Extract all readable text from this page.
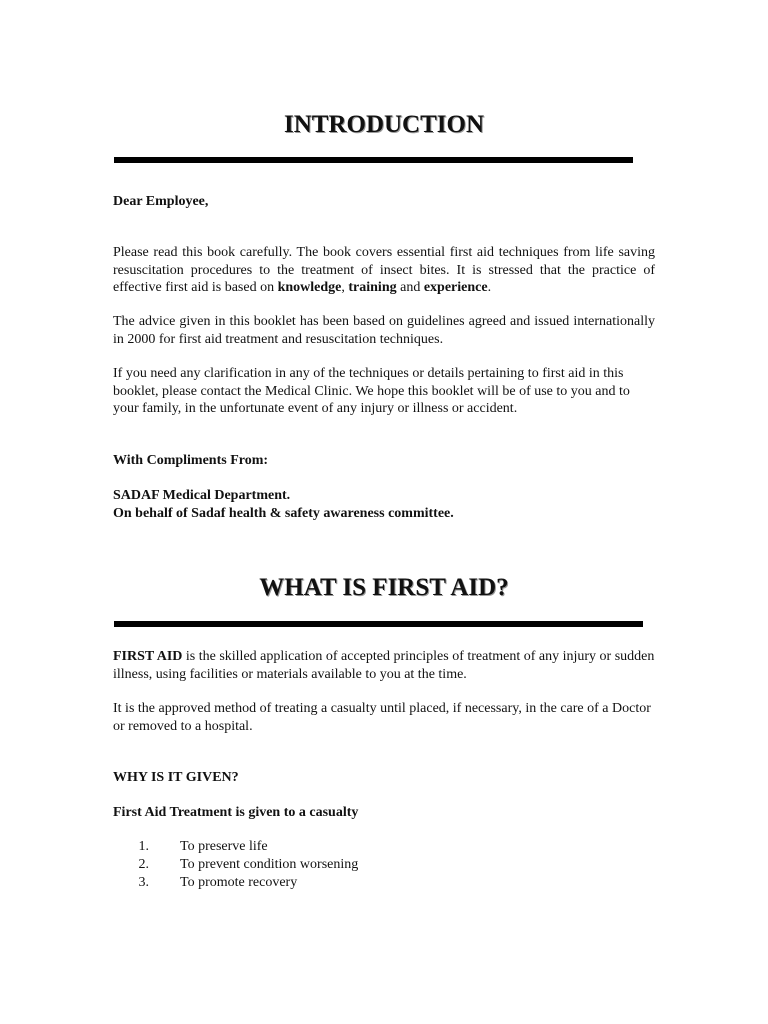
INTRODUCTION
Dear Employee,
Please read this book carefully. The book covers essential first aid techniques from life saving resuscitation procedures to the treatment of insect bites. It is stressed that the practice of effective first aid is based on knowledge, training and experience.
The advice given in this booklet has been based on guidelines agreed and issued internationally in 2000 for first aid treatment and resuscitation techniques.
If you need any clarification in any of the techniques or details pertaining to first aid in this booklet, please contact the Medical Clinic. We hope this booklet will be of use to you and to your family, in the unfortunate event of any injury or illness or accident.
With Compliments From:
SADAF Medical Department.
On behalf of Sadaf health & safety awareness committee.
WHAT IS FIRST AID?
FIRST AID is the skilled application of accepted principles of treatment of any injury or sudden illness, using facilities or materials available to you at the time.
It is the approved method of treating a casualty until placed, if necessary, in the care of a Doctor or removed to a hospital.
WHY IS IT GIVEN?
First Aid Treatment is given to a casualty
1. To preserve life
2. To prevent condition worsening
3. To promote recovery
